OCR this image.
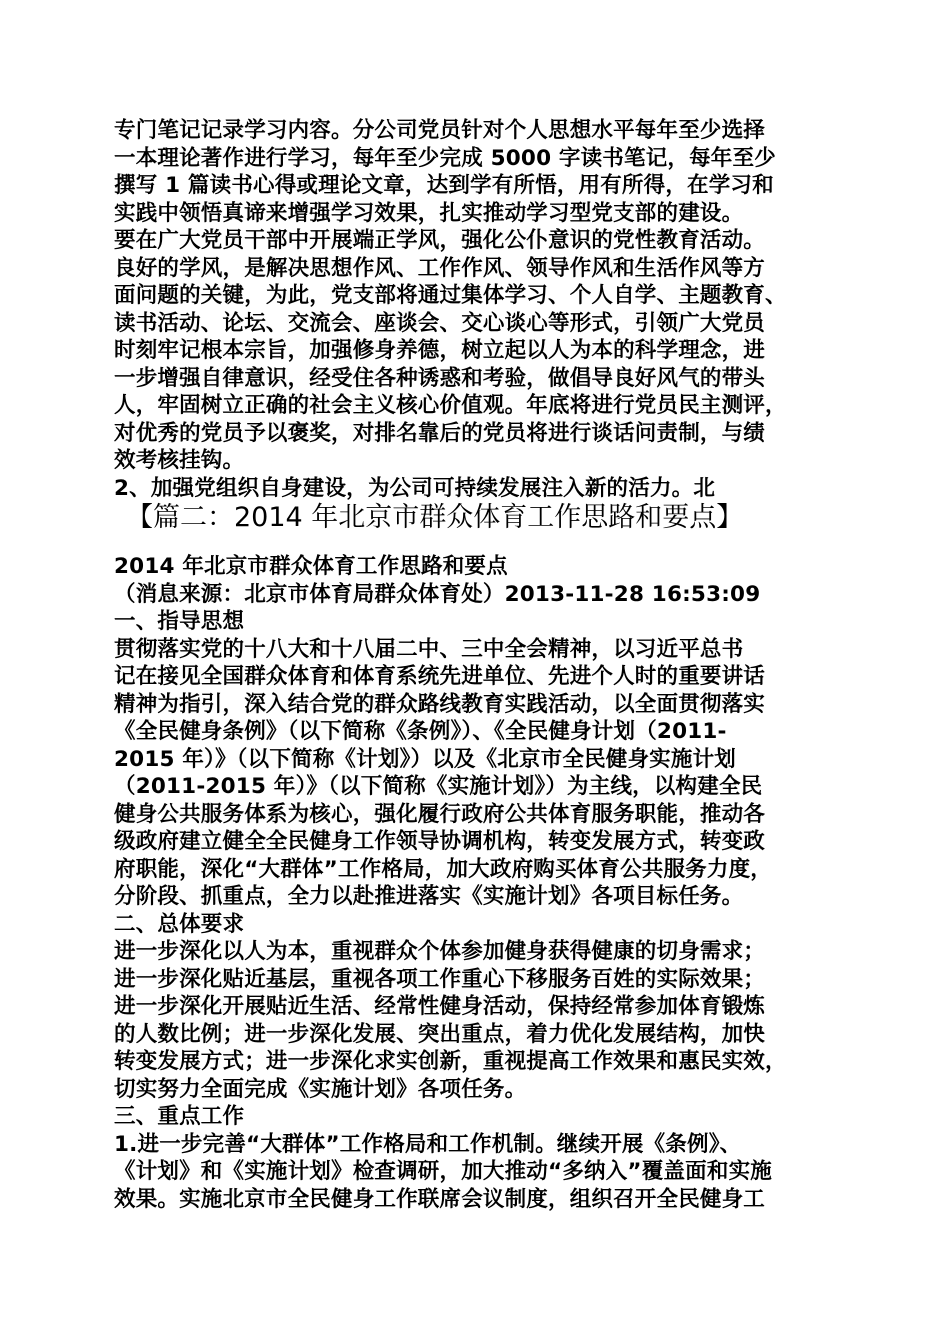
专门笔记记录学习内容。分公司党员针对个人思想水平每年至少选择
一本理论著作进行学习，每年至少完成 5000 字读书笔记，每年至少
撰写 1 篇读书心得或理论文章，达到学有所悟，用有所得，在学习和
实践中领悟真谛来增强学习效果，扎实推动学习型党支部的建设。
要在广大党员干部中开展端正学风，强化公仆意识的党性教育活动。
良好的学风，是解决思想作风、工作作风、领导作风和生活作风等方
面问题的关键，为此，党支部将通过集体学习、个人自学、主题教育、
读书活动、论坛、交流会、座谈会、交心谈心等形式，引领广大党员
时刻牢记根本宗旨，加强修身养德，树立起以人为本的科学理念，进
一步增强自律意识，经受住各种诱惑和考验，做倡导良好风气的带头
人，牢固树立正确的社会主义核心价值观。年底将进行党员民主测评，
对优秀的党员予以褒奖，对排名靠后的党员将进行谈话问责制，与绩
效考核挂钩。
2、加强党组织自身建设，为公司可持续发展注入新的活力。北
【篇二：2014 年北京市群众体育工作思路和要点】
2014 年北京市群众体育工作思路和要点
（消息来源：北京市体育局群众体育处）2013-11-28 16:53:09
一、指导思想
贯彻落实党的十八大和十八届二中、三中全会精神，以习近平总书
记在接见全国群众体育和体育系统先进单位、先进个人时的重要讲话
精神为指引，深入结合党的群众路线教育实践活动，以全面贯彻落实
《全民健身条例》（以下简称《条例》）、《全民健身计划（2011-
2015 年）》（以下简称《计划》）以及《北京市全民健身实施计划
（2011-2015 年）》（以下简称《实施计划》）为主线，以构建全民
健身公共服务体系为核心，强化履行政府公共体育服务职能，推动各
级政府建立健全全民健身工作领导协调机构，转变发展方式，转变政
府职能，深化“大群体”工作格局，加大政府购买体育公共服务力度，
分阶段、抓重点，全力以赴推进落实《实施计划》各项目标任务。
二、总体要求
进一步深化以人为本，重视群众个体参加健身获得健康的切身需求；
进一步深化贴近基层，重视各项工作重心下移服务百姓的实际效果；
进一步深化开展贴近生活、经常性健身活动，保持经常参加体育锻炼
的人数比例；进一步深化发展、突出重点，着力优化发展结构，加快
转变发展方式；进一步深化求实创新，重视提高工作效果和惠民实效，
切实努力全面完成《实施计划》各项任务。
三、重点工作
1.进一步完善“大群体”工作格局和工作机制。继续开展《条例》、
《计划》和《实施计划》检查调研，加大推动“多纳入”覆盖面和实施
效果。实施北京市全民健身工作联席会议制度，组织召开全民健身工
